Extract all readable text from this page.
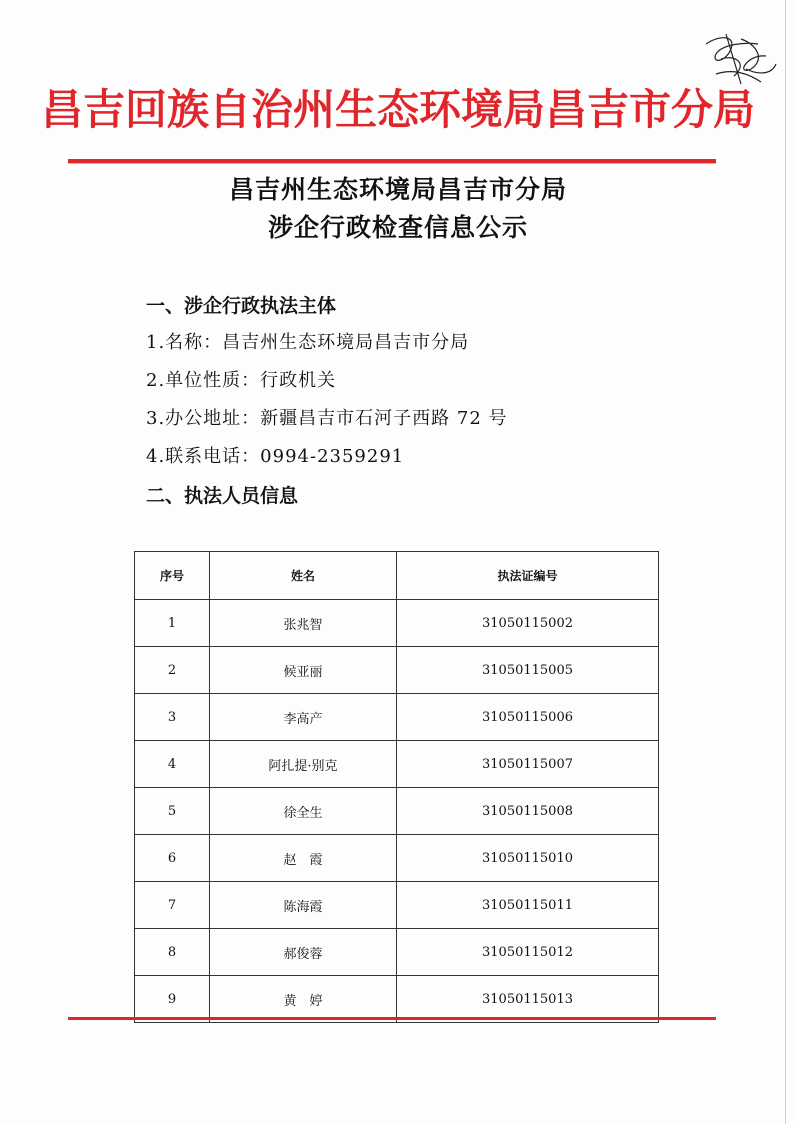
昌吉回族自治州生态环境局昌吉市分局
昌吉州生态环境局昌吉市分局
涉企行政检查信息公示
一、涉企行政执法主体
1.名称：昌吉州生态环境局昌吉市分局
2.单位性质：行政机关
3.办公地址：新疆昌吉市石河子西路 72 号
4.联系电话：0994-2359291
二、执法人员信息
序号	姓名	执法证编号
1	张兆智	31050115002
2	候亚丽	31050115005
3	李高产	31050115006
4	阿扎提·别克	31050115007
5	徐全生	31050115008
6	赵　霞	31050115010
7	陈海霞	31050115011
8	郝俊蓉	31050115012
9	黄　婷	31050115013
